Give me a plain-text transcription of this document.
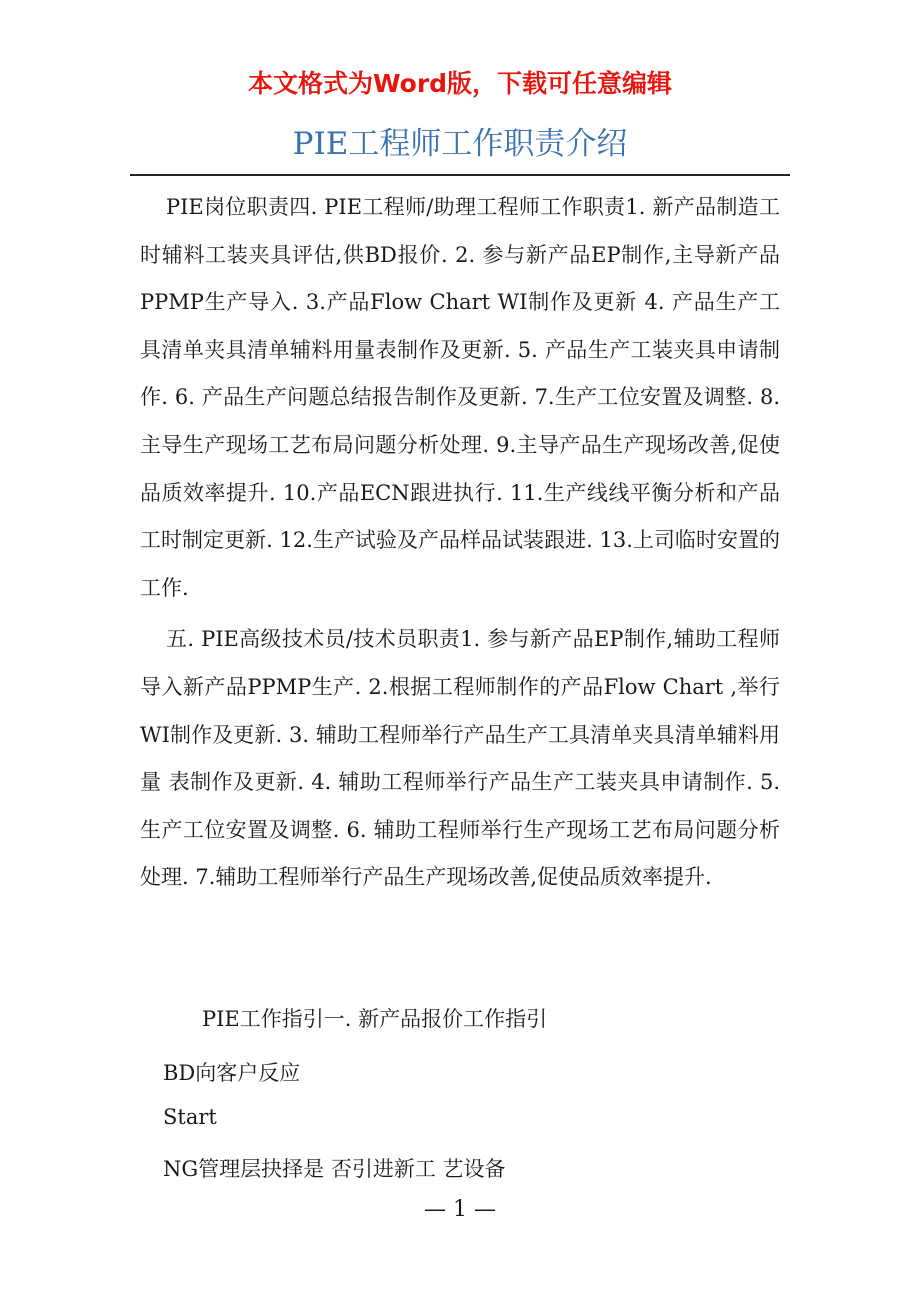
本文格式为Word版，下载可任意编辑
PIE工程师工作职责介绍

PIE岗位职责四. PIE工程师/助理工程师工作职责1. 新产品制造工时辅料工装夹具评估,供BD报价. 2. 参与新产品EP制作,主导新产品PPMP生产导入. 3.产品Flow Chart WI制作及更新 4. 产品生产工具清单夹具清单辅料用量表制作及更新. 5. 产品生产工装夹具申请制作. 6. 产品生产问题总结报告制作及更新. 7.生产工位安置及调整. 8.主导生产现场工艺布局问题分析处理. 9.主导产品生产现场改善,促使品质效率提升. 10.产品ECN跟进执行. 11.生产线线平衡分析和产品工时制定更新. 12.生产试验及产品样品试装跟进. 13.上司临时安置的工作.

五. PIE高级技术员/技术员职责1. 参与新产品EP制作,辅助工程师导入新产品PPMP生产. 2.根据工程师制作的产品Flow Chart ,举行WI制作及更新. 3. 辅助工程师举行产品生产工具清单夹具清单辅料用量 表制作及更新. 4. 辅助工程师举行产品生产工装夹具申请制作. 5.生产工位安置及调整. 6. 辅助工程师举行生产现场工艺布局问题分析处理. 7.辅助工程师举行产品生产现场改善,促使品质效率提升.

PIE工作指引一. 新产品报价工作指引
BD向客户反应
Start
NG管理层抉择是 否引进新工 艺设备
— 1 —
